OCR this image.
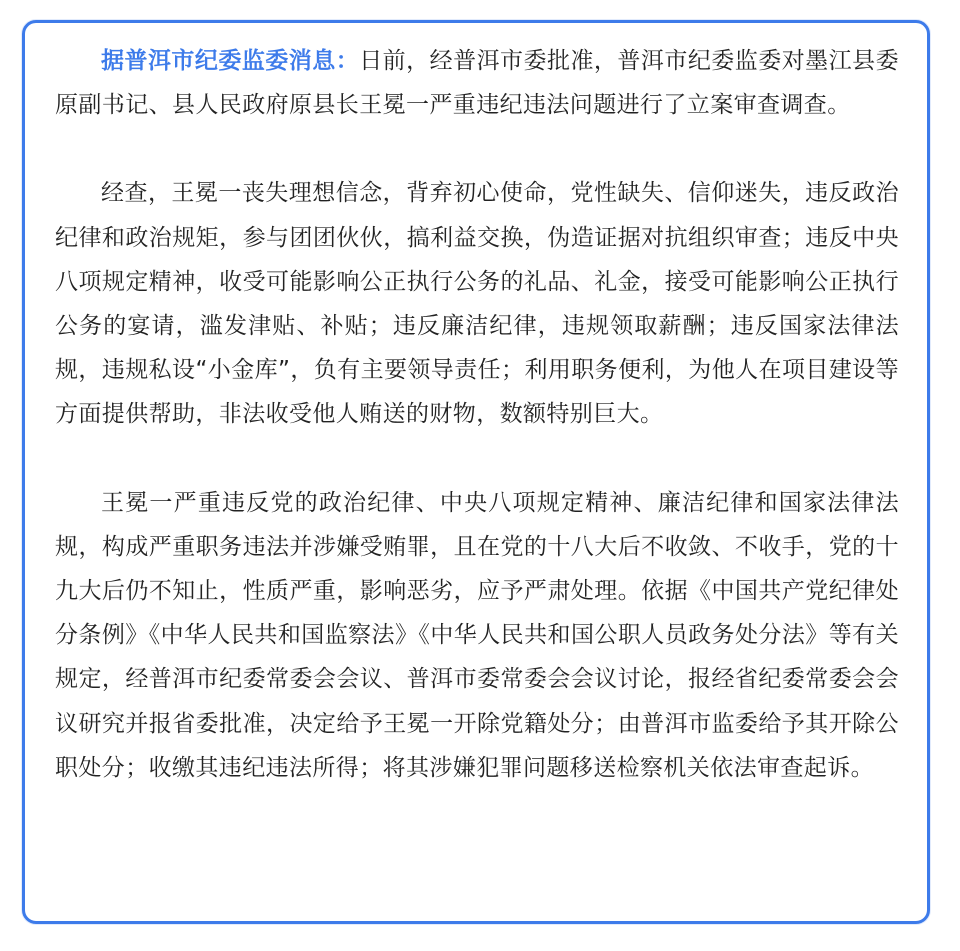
据普洱市纪委监委消息：日前，经普洱市委批准，普洱市纪委监委对墨江县委原副书记、县人民政府原县长王冕一严重违纪违法问题进行了立案审查调查。

经查，王冕一丧失理想信念，背弃初心使命，党性缺失、信仰迷失，违反政治纪律和政治规矩，参与团团伙伙，搞利益交换，伪造证据对抗组织审查；违反中央八项规定精神，收受可能影响公正执行公务的礼品、礼金，接受可能影响公正执行公务的宴请，滥发津贴、补贴；违反廉洁纪律，违规领取薪酬；违反国家法律法规，违规私设“小金库”，负有主要领导责任；利用职务便利，为他人在项目建设等方面提供帮助，非法收受他人贿送的财物，数额特别巨大。

王冕一严重违反党的政治纪律、中央八项规定精神、廉洁纪律和国家法律法规，构成严重职务违法并涉嫌受贿罪，且在党的十八大后不收敛、不收手，党的十九大后仍不知止，性质严重，影响恶劣，应予严肃处理。依据《中国共产党纪律处分条例》《中华人民共和国监察法》《中华人民共和国公职人员政务处分法》等有关规定，经普洱市纪委常委会会议、普洱市委常委会会议讨论，报经省纪委常委会会议研究并报省委批准，决定给予王冕一开除党籍处分；由普洱市监委给予其开除公职处分；收缴其违纪违法所得；将其涉嫌犯罪问题移送检察机关依法审查起诉。
